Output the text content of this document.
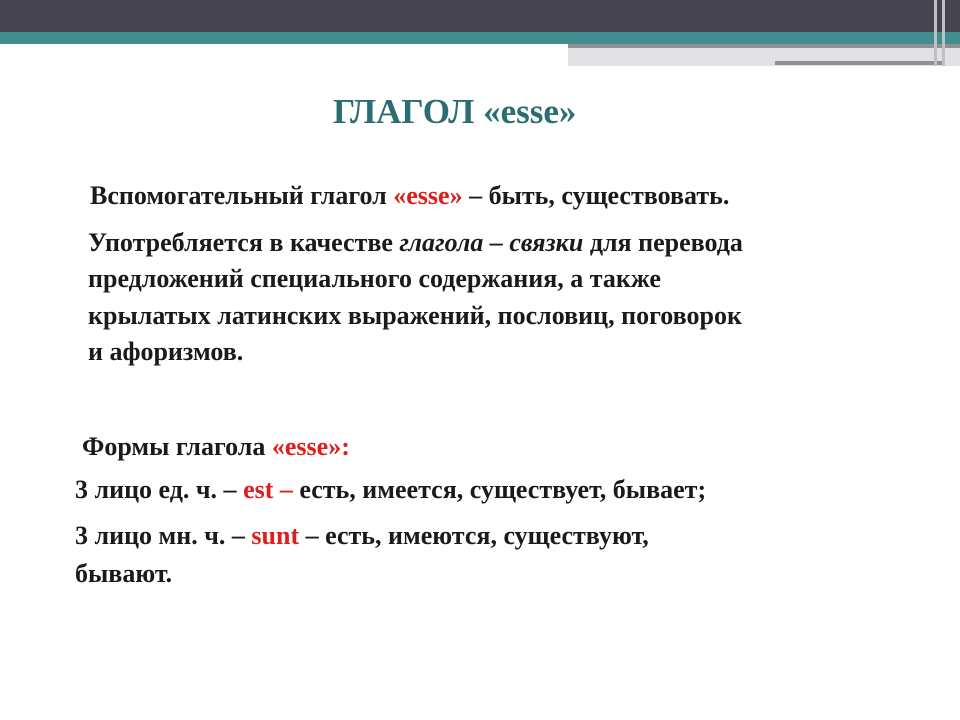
ГЛАГОЛ «esse»

Вспомогательный глагол «esse» – быть, существовать.

Употребляется в качестве глагола – связки для перевода

предложений специального содержания, а также

крылатых латинских выражений, пословиц, поговорок

и афоризмов.

Формы глагола «esse»:

3 лицо ед. ч. – est – есть, имеется, существует, бывает;

3 лицо мн. ч. – sunt – есть, имеются, существуют,

бывают.
